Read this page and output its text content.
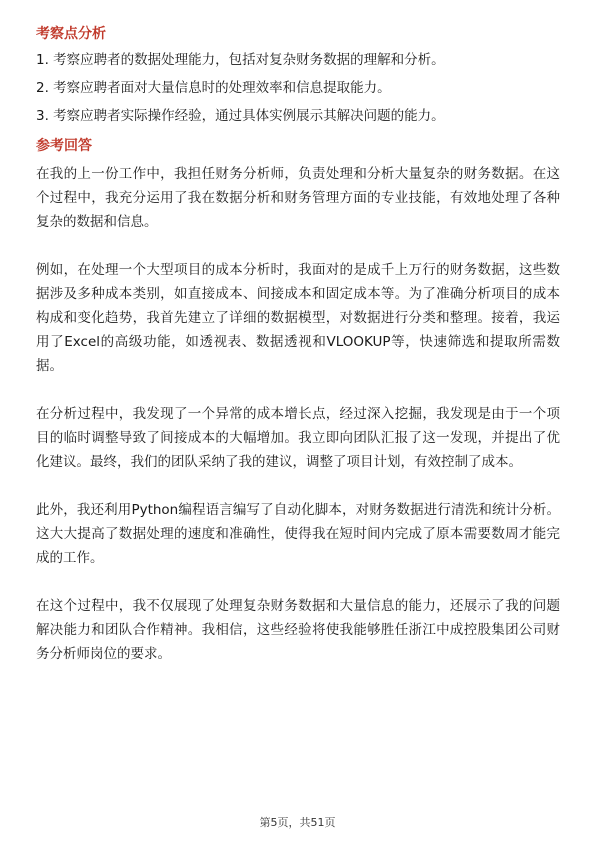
考察点分析
1. 考察应聘者的数据处理能力，包括对复杂财务数据的理解和分析。
2. 考察应聘者面对大量信息时的处理效率和信息提取能力。
3. 考察应聘者实际操作经验，通过具体实例展示其解决问题的能力。
参考回答

在我的上一份工作中，我担任财务分析师，负责处理和分析大量复杂的财务数据。在这个过程中，我充分运用了我在数据分析和财务管理方面的专业技能，有效地处理了各种复杂的数据和信息。

例如，在处理一个大型项目的成本分析时，我面对的是成千上万行的财务数据，这些数据涉及多种成本类别，如直接成本、间接成本和固定成本等。为了准确分析项目的成本构成和变化趋势，我首先建立了详细的数据模型，对数据进行分类和整理。接着，我运用了Excel的高级功能，如透视表、数据透视和VLOOKUP等，快速筛选和提取所需数据。

在分析过程中，我发现了一个异常的成本增长点，经过深入挖掘，我发现是由于一个项目的临时调整导致了间接成本的大幅增加。我立即向团队汇报了这一发现，并提出了优化建议。最终，我们的团队采纳了我的建议，调整了项目计划，有效控制了成本。

此外，我还利用Python编程语言编写了自动化脚本，对财务数据进行清洗和统计分析。这大大提高了数据处理的速度和准确性，使得我在短时间内完成了原本需要数周才能完成的工作。

在这个过程中，我不仅展现了处理复杂财务数据和大量信息的能力，还展示了我的问题解决能力和团队合作精神。我相信，这些经验将使我能够胜任浙江中成控股集团公司财务分析师岗位的要求。

第5页，共51页
